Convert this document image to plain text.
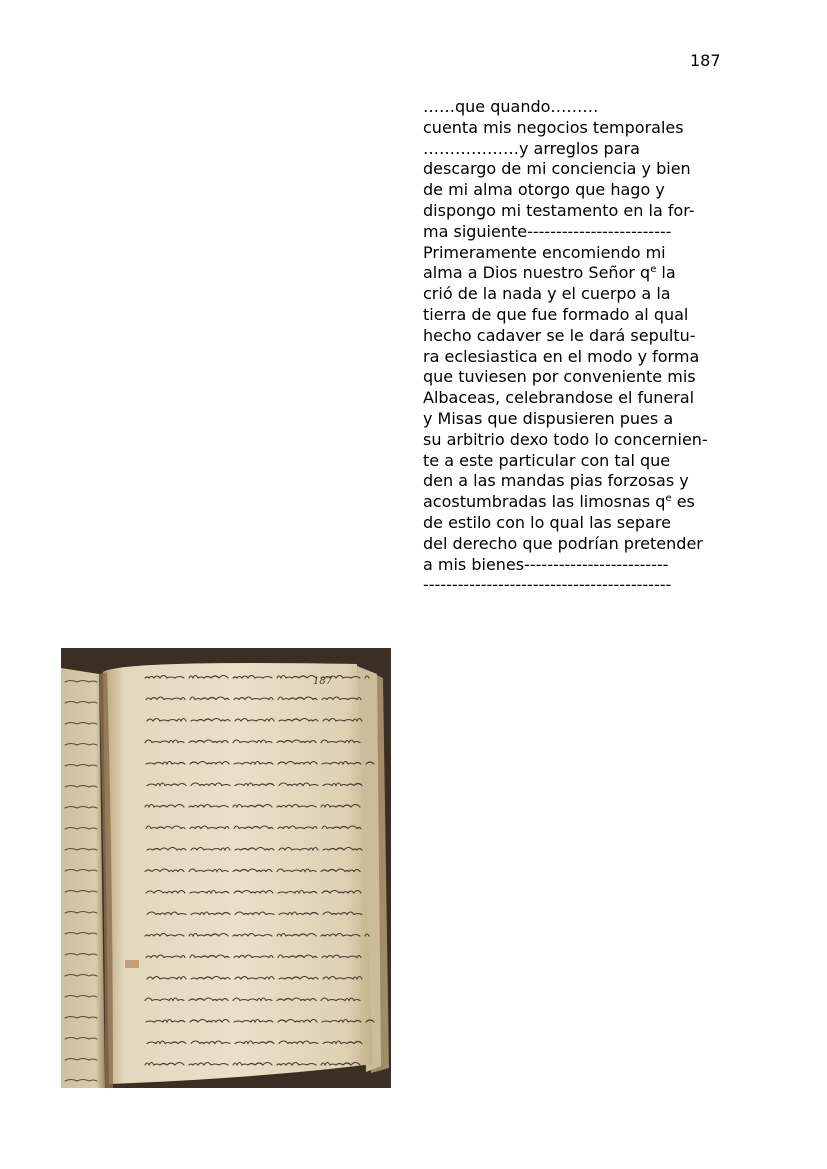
187
……que quando………
cuenta mis negocios temporales
………………y arreglos para
descargo de mi conciencia y bien
de mi alma otorgo que hago y
dispongo mi testamento en la for-
ma siguiente-------------------------
Primeramente encomiendo mi
alma a Dios nuestro Señor $q^e$ la
crió de la nada y el cuerpo a la
tierra de que fue formado al qual
hecho cadaver se le dará sepultu-
ra eclesiastica en el modo y forma
que tuviesen por conveniente mis
Albaceas, celebrandose el funeral
y Misas que dispusieren pues a
su arbitrio dexo todo lo concernien-
te a este particular con tal que
den a las mandas pias forzosas y
acostumbradas las limosnas $q^e$ es
de estilo con lo qual las separe
del derecho que podrían pretender
a mis bienes-------------------------
-------------------------------------------
187
